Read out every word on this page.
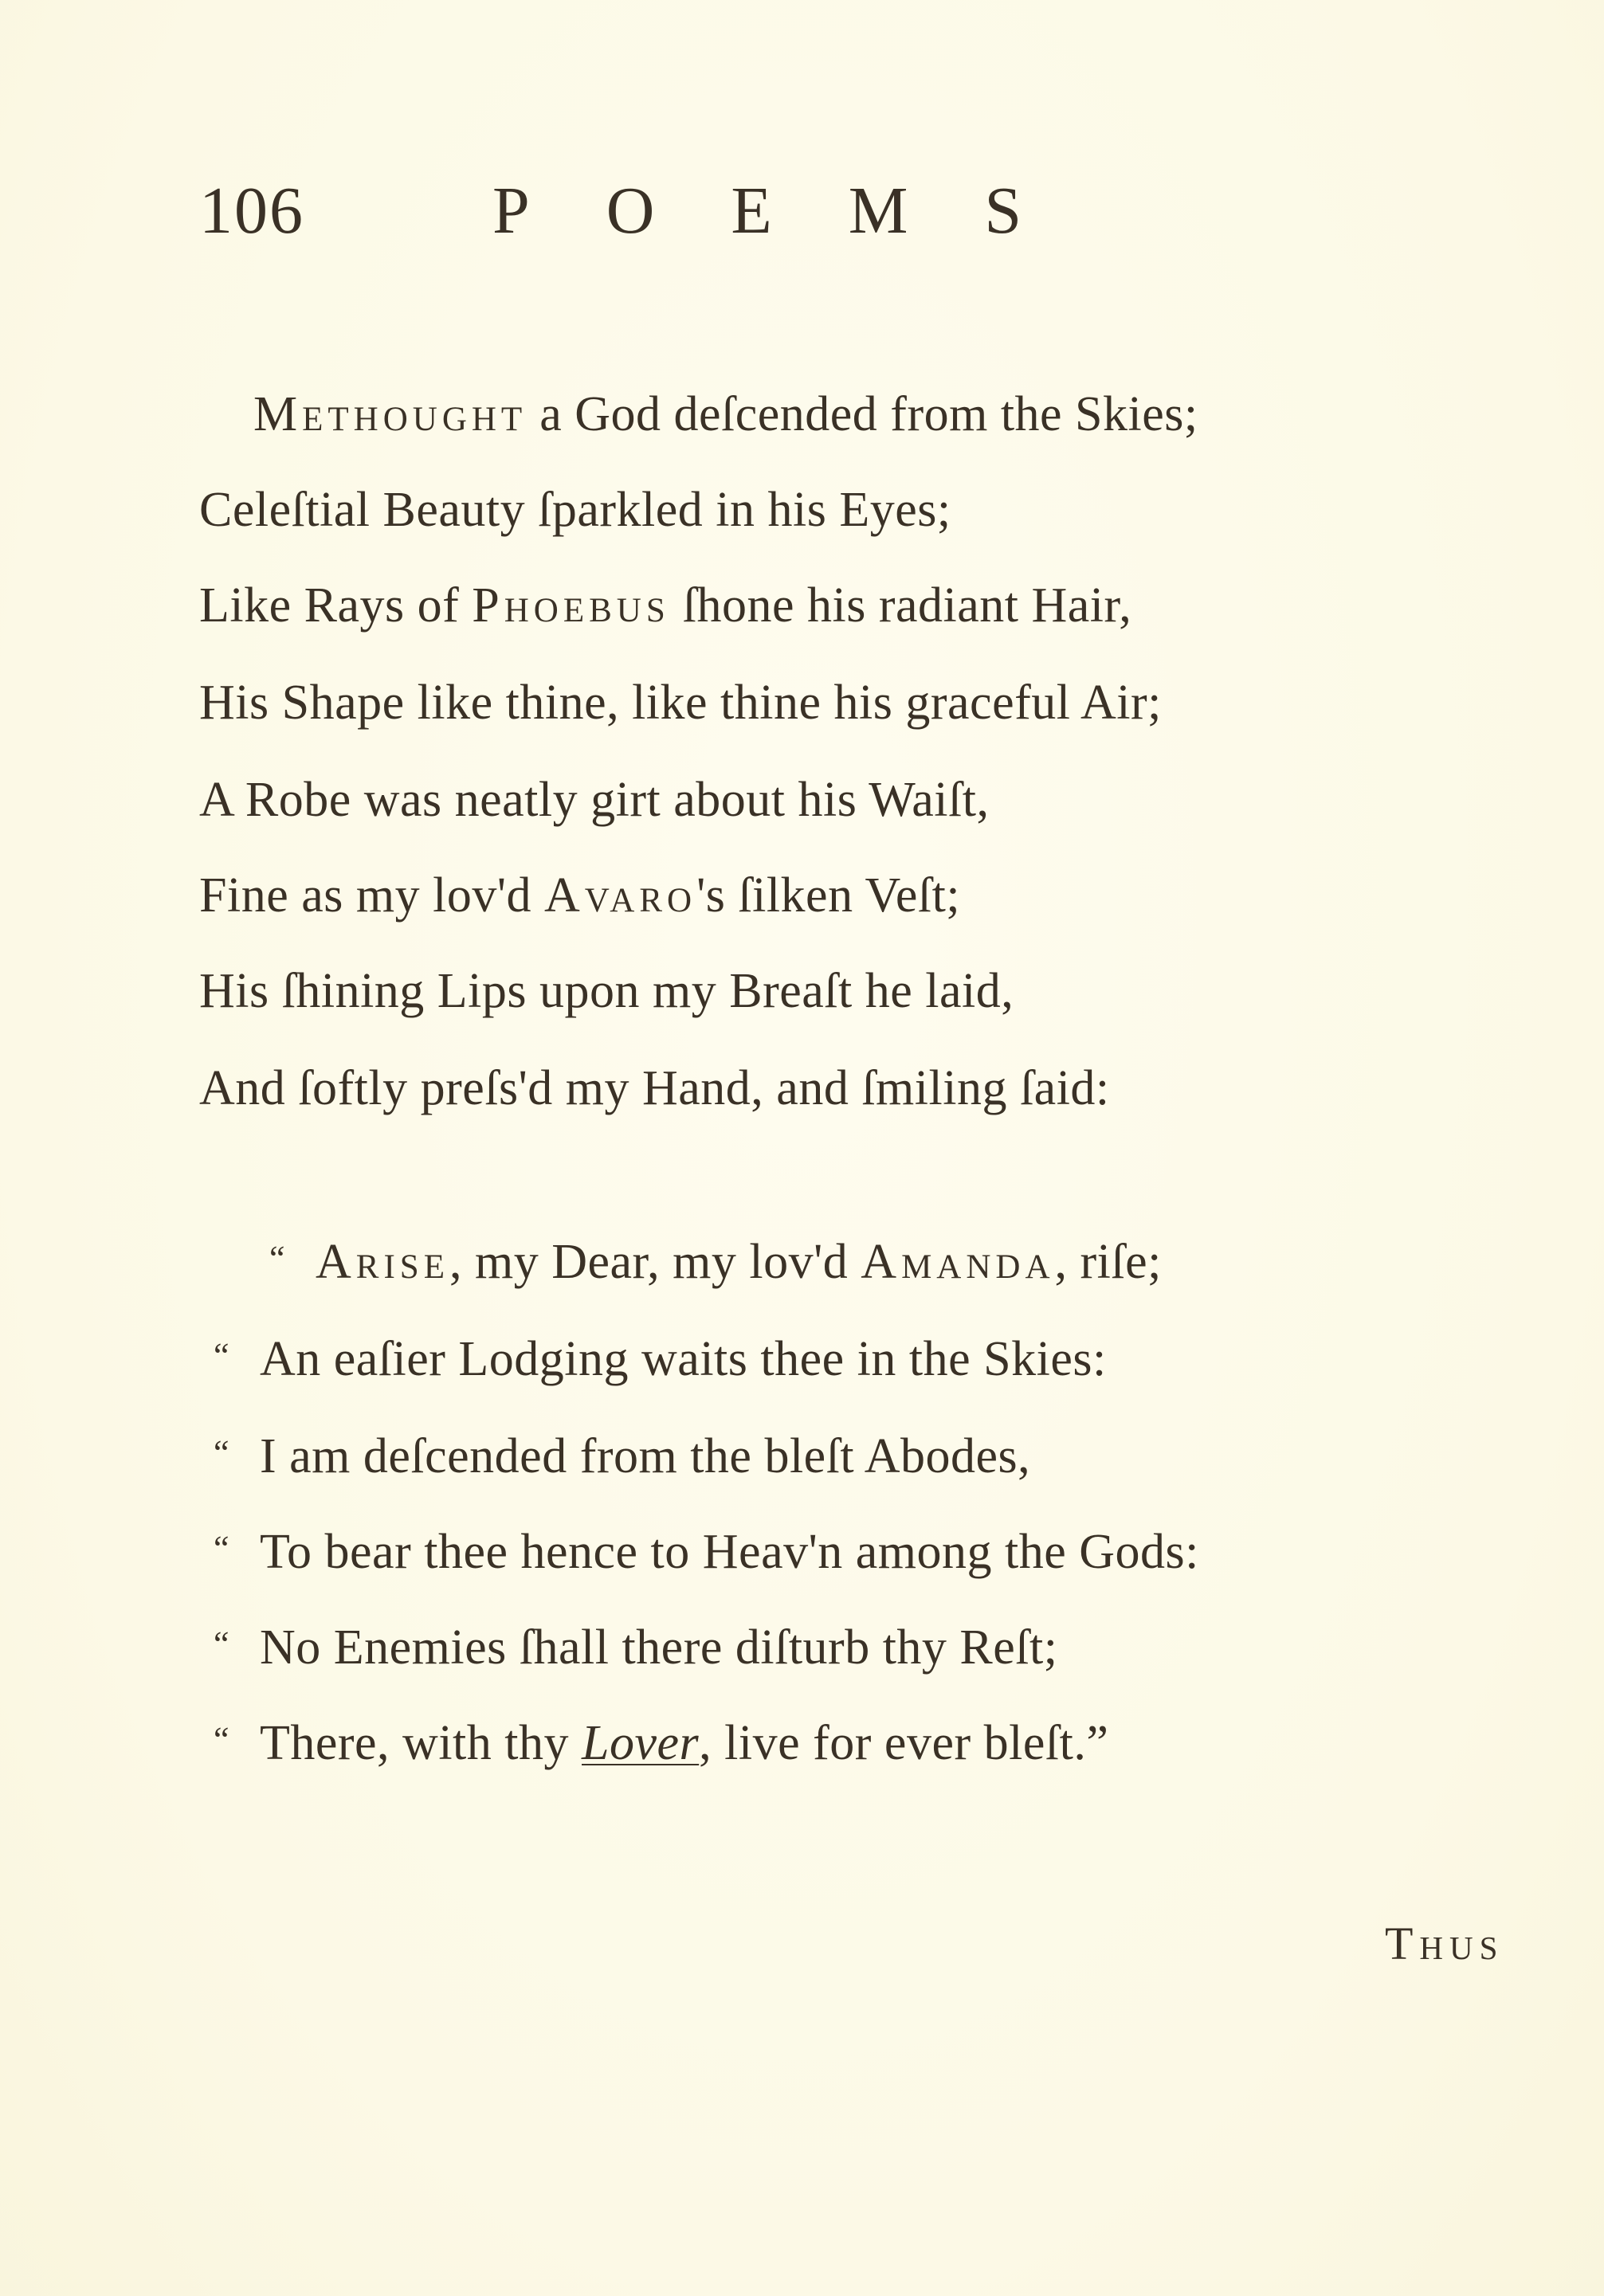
106	POEMS
Methought a God deſcended from the Skies;
Celeſtial Beauty ſparkled in his Eyes;
Like Rays of Phoebus ſhone his radiant Hair,
His Shape like thine, like thine his graceful Air;
A Robe was neatly girt about his Waiſt,
Fine as my lov'd Avaro's ſilken Veſt;
His ſhining Lips upon my Breaſt he laid,
And ſoftly preſs'd my Hand, and ſmiling ſaid:
“ Arise, my Dear, my lov'd Amanda, riſe;
“ An eaſier Lodging waits thee in the Skies:
“ I am deſcended from the bleſt Abodes,
“ To bear thee hence to Heav'n among the Gods:
“ No Enemies ſhall there diſturb thy Reſt;
“ There, with thy Lover, live for ever bleſt.”
Thus
